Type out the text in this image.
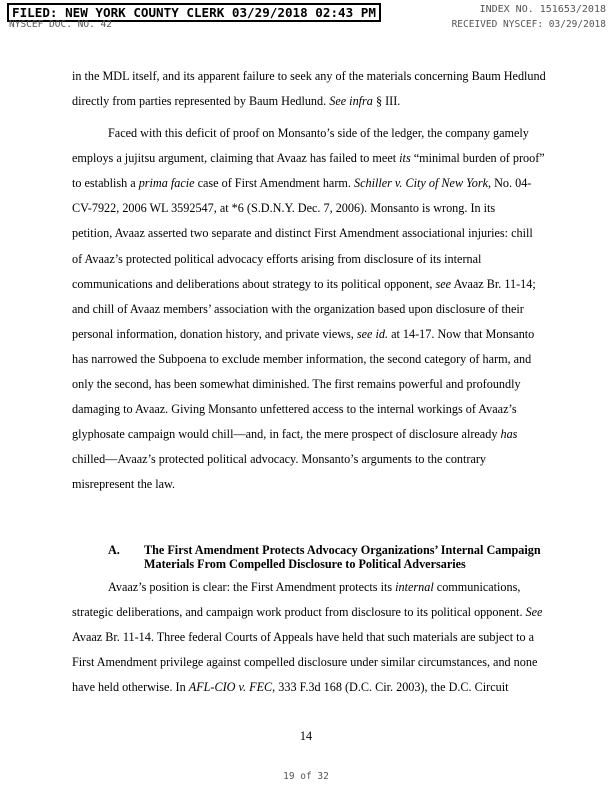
FILED: NEW YORK COUNTY CLERK 03/29/2018 02:43 PM	INDEX NO. 151653/2018
NYSCEF DOC. NO. 42	RECEIVED NYSCEF: 03/29/2018
in the MDL itself, and its apparent failure to seek any of the materials concerning Baum Hedlund
directly from parties represented by Baum Hedlund. See infra § III.
Faced with this deficit of proof on Monsanto’s side of the ledger, the company gamely
employs a jujitsu argument, claiming that Avaaz has failed to meet its “minimal burden of proof”
to establish a prima facie case of First Amendment harm. Schiller v. City of New York, No. 04-
CV-7922, 2006 WL 3592547, at *6 (S.D.N.Y. Dec. 7, 2006). Monsanto is wrong. In its
petition, Avaaz asserted two separate and distinct First Amendment associational injuries: chill
of Avaaz’s protected political advocacy efforts arising from disclosure of its internal
communications and deliberations about strategy to its political opponent, see Avaaz Br. 11-14;
and chill of Avaaz members’ association with the organization based upon disclosure of their
personal information, donation history, and private views, see id. at 14-17. Now that Monsanto
has narrowed the Subpoena to exclude member information, the second category of harm, and
only the second, has been somewhat diminished. The first remains powerful and profoundly
damaging to Avaaz. Giving Monsanto unfettered access to the internal workings of Avaaz’s
glyphosate campaign would chill—and, in fact, the mere prospect of disclosure already has
chilled—Avaaz’s protected political advocacy. Monsanto’s arguments to the contrary
misrepresent the law.
A. The First Amendment Protects Advocacy Organizations’ Internal Campaign
Materials From Compelled Disclosure to Political Adversaries
Avaaz’s position is clear: the First Amendment protects its internal communications,
strategic deliberations, and campaign work product from disclosure to its political opponent. See
Avaaz Br. 11-14. Three federal Courts of Appeals have held that such materials are subject to a
First Amendment privilege against compelled disclosure under similar circumstances, and none
have held otherwise. In AFL-CIO v. FEC, 333 F.3d 168 (D.C. Cir. 2003), the D.C. Circuit
14
19 of 32
